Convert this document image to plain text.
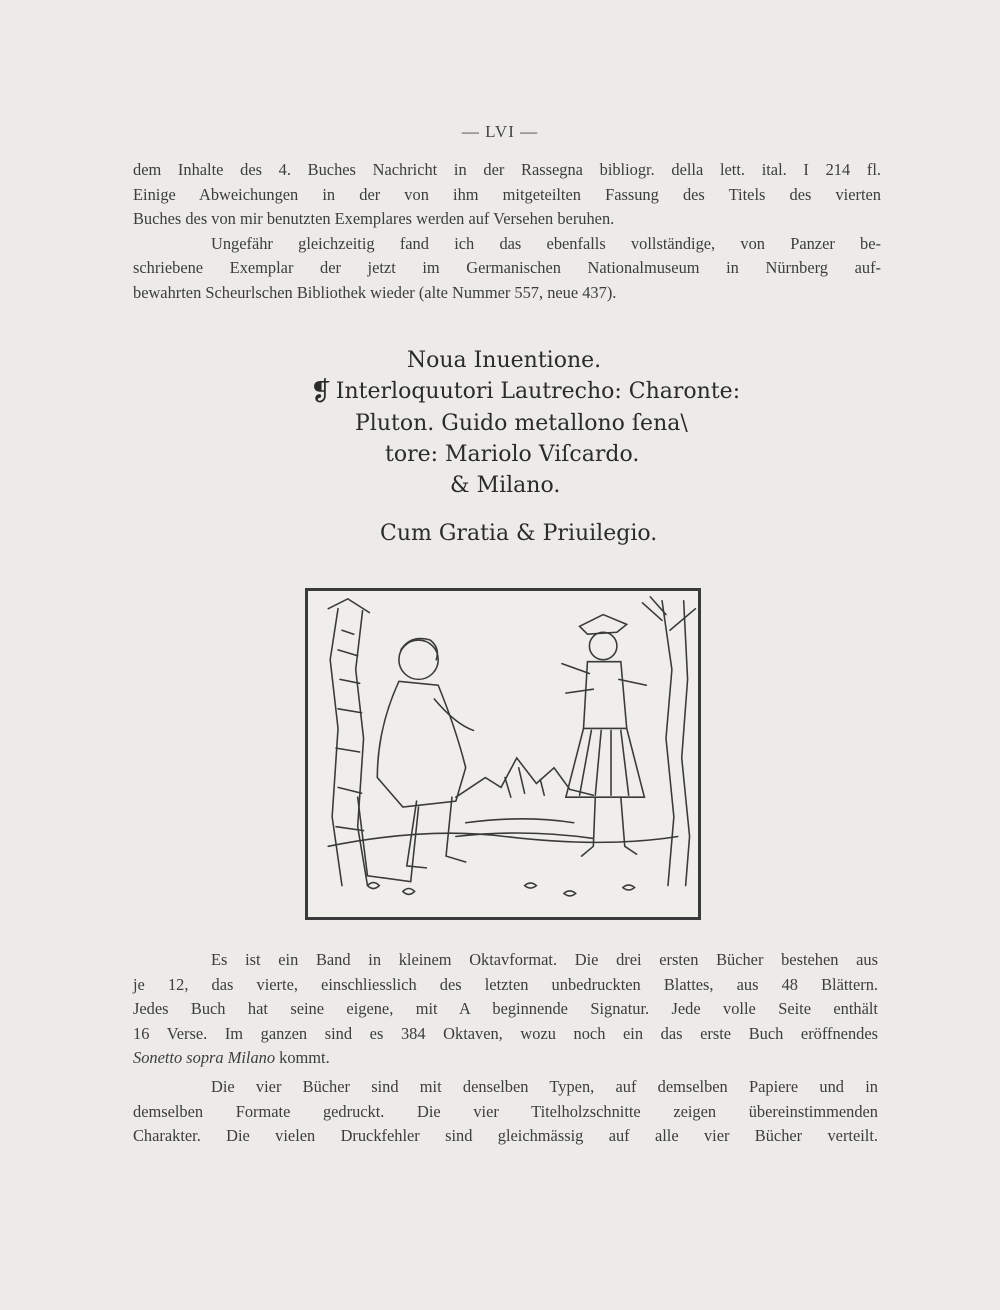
— LVI —

dem Inhalte des 4. Buches Nachricht in der Rassegna bibliogr. della lett. ital. I 214 fl.
Einige Abweichungen in der von ihm mitgeteilten Fassung des Titels des vierten
Buches des von mir benutzten Exemplares werden auf Versehen beruhen.
Ungefähr gleichzeitig fand ich das ebenfalls vollständige, von Panzer be-
schriebene Exemplar der jetzt im Germanischen Nationalmuseum in Nürnberg auf-
bewahrten Scheurlschen Bibliothek wieder (alte Nummer 557, neue 437).

Noua Inuentione.
❡ Interloquutori Lautrecho: Charonte:
Pluton. Guido metallono ſena\
tore: Mariolo Viſcardo.
& Milano.
Cum Gratia & Priuilegio.

Es ist ein Band in kleinem Oktavformat. Die drei ersten Bücher bestehen aus
je 12, das vierte, einschliesslich des letzten unbedruckten Blattes, aus 48 Blättern.
Jedes Buch hat seine eigene, mit A beginnende Signatur. Jede volle Seite enthält
16 Verse. Im ganzen sind es 384 Oktaven, wozu noch ein das erste Buch eröffnendes
Sonetto sopra Milano kommt.

Die vier Bücher sind mit denselben Typen, auf demselben Papiere und in
demselben Formate gedruckt. Die vier Titelholzschnitte zeigen übereinstimmenden
Charakter. Die vielen Druckfehler sind gleichmässig auf alle vier Bücher verteilt.
